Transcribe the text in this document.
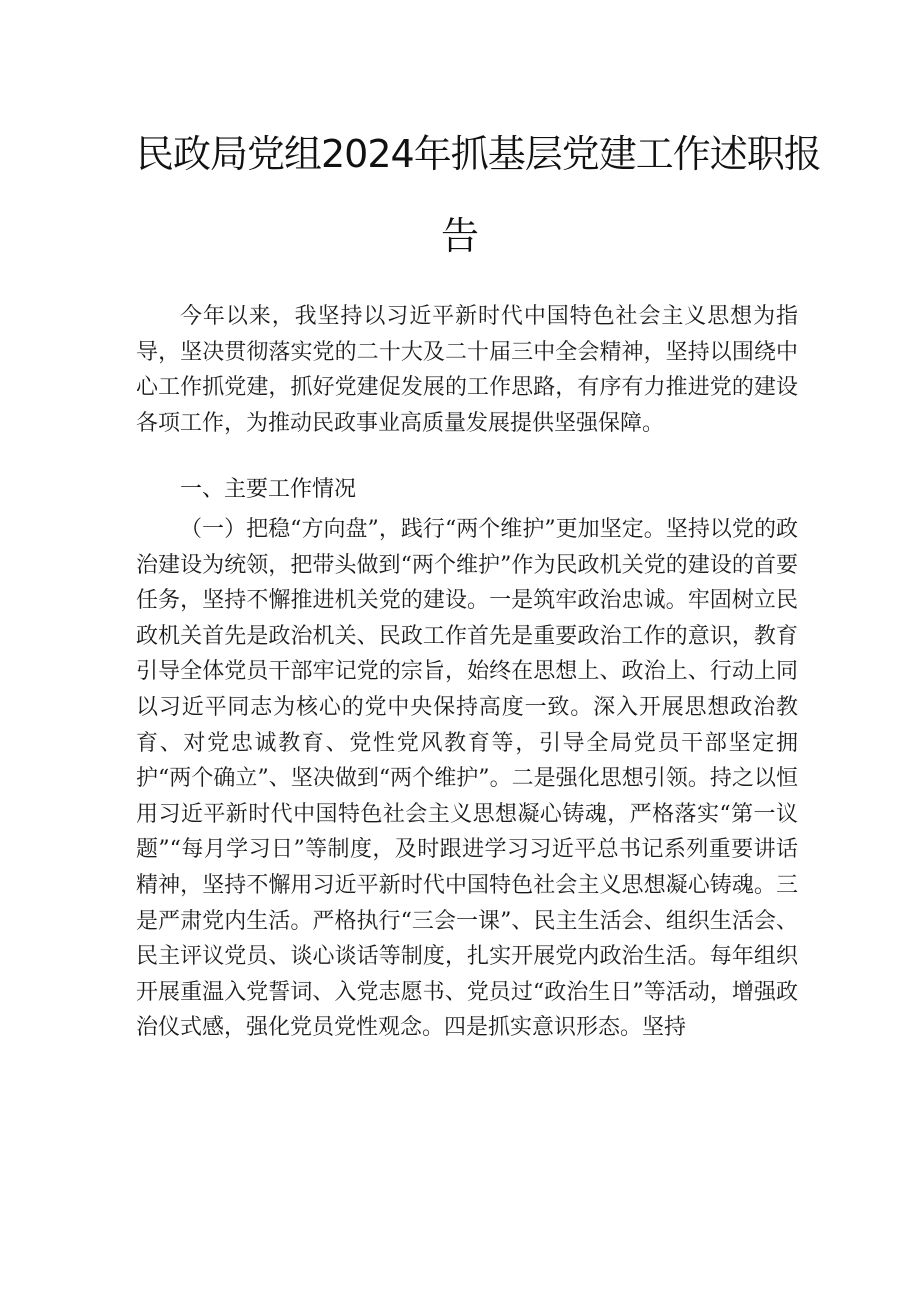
民政局党组2024年抓基层党建工作述职报
告

今年以来，我坚持以习近平新时代中国特色社会主义思想为指导，坚决贯彻落实党的二十大及二十届三中全会精神，坚持以围绕中心工作抓党建，抓好党建促发展的工作思路，有序有力推进党的建设各项工作，为推动民政事业高质量发展提供坚强保障。

一、主要工作情况

（一）把稳“方向盘”，践行“两个维护”更加坚定。坚持以党的政治建设为统领，把带头做到“两个维护”作为民政机关党的建设的首要任务，坚持不懈推进机关党的建设。一是筑牢政治忠诚。牢固树立民政机关首先是政治机关、民政工作首先是重要政治工作的意识，教育引导全体党员干部牢记党的宗旨，始终在思想上、政治上、行动上同以习近平同志为核心的党中央保持高度一致。深入开展思想政治教育、对党忠诚教育、党性党风教育等，引导全局党员干部坚定拥护“两个确立”、坚决做到“两个维护”。二是强化思想引领。持之以恒用习近平新时代中国特色社会主义思想凝心铸魂，严格落实“第一议题”“每月学习日”等制度，及时跟进学习习近平总书记系列重要讲话精神，坚持不懈用习近平新时代中国特色社会主义思想凝心铸魂。三是严肃党内生活。严格执行“三会一课”、民主生活会、组织生活会、民主评议党员、谈心谈话等制度，扎实开展党内政治生活。每年组织开展重温入党誓词、入党志愿书、党员过“政治生日”等活动，增强政治仪式感，强化党员党性观念。四是抓实意识形态。坚持
